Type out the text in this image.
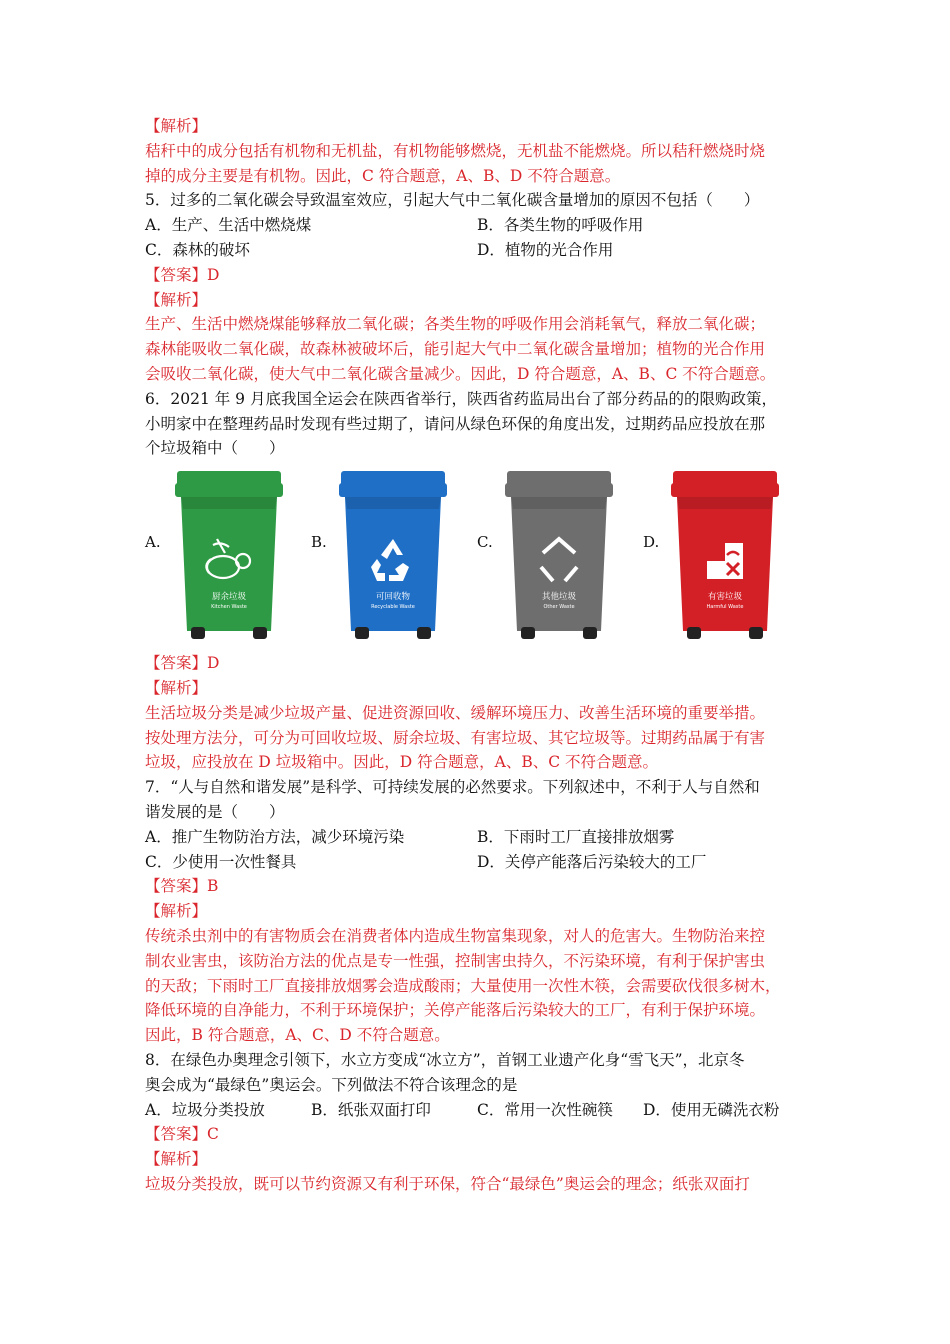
【解析】
秸秆中的成分包括有机物和无机盐，有机物能够燃烧，无机盐不能燃烧。所以秸秆燃烧时烧
掉的成分主要是有机物。因此，C 符合题意，A、B、D 不符合题意。
5．过多的二氧化碳会导致温室效应，引起大气中二氧化碳含量增加的原因不包括（　　）
A．生产、生活中燃烧煤	B．各类生物的呼吸作用
C．森林的破坏	D．植物的光合作用
【答案】D
【解析】
生产、生活中燃烧煤能够释放二氧化碳；各类生物的呼吸作用会消耗氧气，释放二氧化碳；
森林能吸收二氧化碳，故森林被破坏后，能引起大气中二氧化碳含量增加；植物的光合作用
会吸收二氧化碳，使大气中二氧化碳含量减少。因此，D 符合题意，A、B、C 不符合题意。
6．2021 年 9 月底我国全运会在陕西省举行，陕西省药监局出台了部分药品的的限购政策，
小明家中在整理药品时发现有些过期了，请问从绿色环保的角度出发，过期药品应投放在那
个垃圾箱中（　　）
A.
厨余垃圾
Kitchen Waste
B.
可回收物
Recyclable Waste
C.
其他垃圾
Other Waste
D.
有害垃圾
Harmful Waste
【答案】D
【解析】
生活垃圾分类是减少垃圾产量、促进资源回收、缓解环境压力、改善生活环境的重要举措。
按处理方法分，可分为可回收垃圾、厨余垃圾、有害垃圾、其它垃圾等。过期药品属于有害
垃圾，应投放在 D 垃圾箱中。因此，D 符合题意，A、B、C 不符合题意。
7．“人与自然和谐发展”是科学、可持续发展的必然要求。下列叙述中，不利于人与自然和
谐发展的是（　　）
A．推广生物防治方法，减少环境污染	B．下雨时工厂直接排放烟雾
C．少使用一次性餐具	D．关停产能落后污染较大的工厂
【答案】B
【解析】
传统杀虫剂中的有害物质会在消费者体内造成生物富集现象，对人的危害大。生物防治来控
制农业害虫，该防治方法的优点是专一性强，控制害虫持久，不污染环境，有利于保护害虫
的天敌；下雨时工厂直接排放烟雾会造成酸雨；大量使用一次性木筷，会需要砍伐很多树木，
降低环境的自净能力，不利于环境保护；关停产能落后污染较大的工厂，有利于保护环境。
因此，B 符合题意，A、C、D 不符合题意。
8．在绿色办奥理念引领下，水立方变成“冰立方”，首钢工业遗产化身“雪飞天”，北京冬
奥会成为“最绿色”奥运会。下列做法不符合该理念的是
A．垃圾分类投放	B．纸张双面打印	C．常用一次性碗筷	D．使用无磷洗衣粉
【答案】C
【解析】
垃圾分类投放，既可以节约资源又有利于环保，符合“最绿色”奥运会的理念；纸张双面打
